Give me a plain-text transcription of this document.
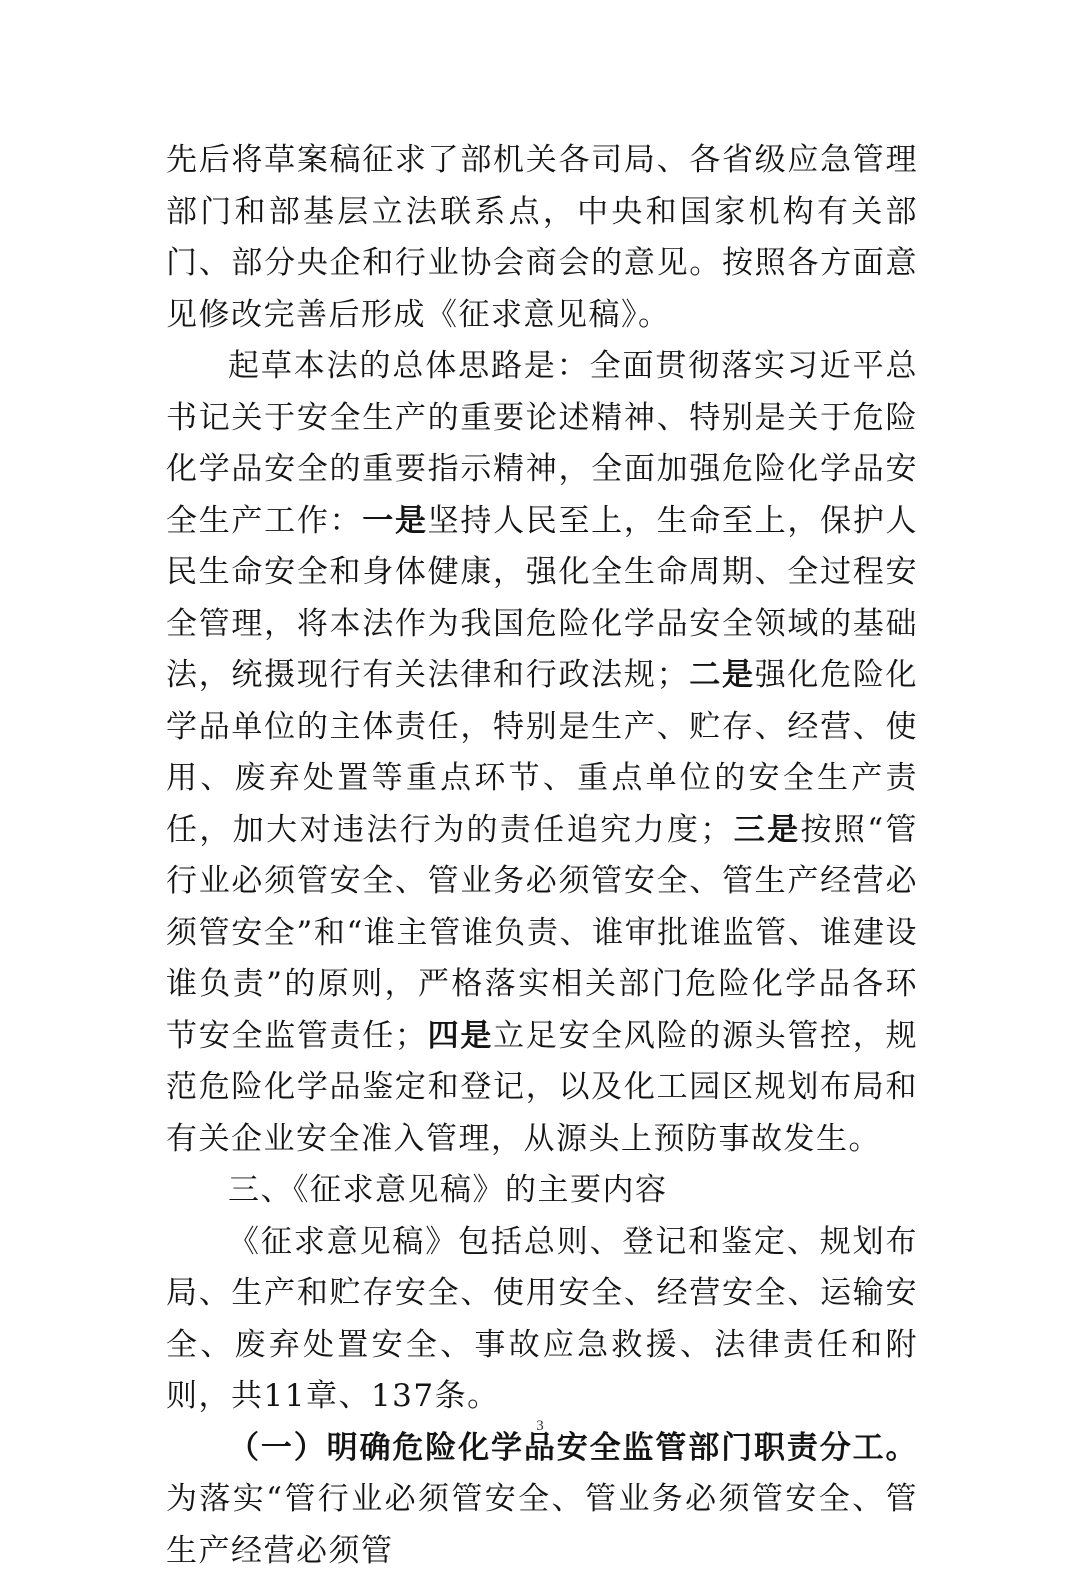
先后将草案稿征求了部机关各司局、各省级应急管理部门和部基层立法联系点，中央和国家机构有关部门、部分央企和行业协会商会的意见。按照各方面意见修改完善后形成《征求意见稿》。

起草本法的总体思路是：全面贯彻落实习近平总书记关于安全生产的重要论述精神、特别是关于危险化学品安全的重要指示精神，全面加强危险化学品安全生产工作：一是坚持人民至上，生命至上，保护人民生命安全和身体健康，强化全生命周期、全过程安全管理，将本法作为我国危险化学品安全领域的基础法，统摄现行有关法律和行政法规；二是强化危险化学品单位的主体责任，特别是生产、贮存、经营、使用、废弃处置等重点环节、重点单位的安全生产责任，加大对违法行为的责任追究力度；三是按照“管行业必须管安全、管业务必须管安全、管生产经营必须管安全”和“谁主管谁负责、谁审批谁监管、谁建设谁负责”的原则，严格落实相关部门危险化学品各环节安全监管责任；四是立足安全风险的源头管控，规范危险化学品鉴定和登记，以及化工园区规划布局和有关企业安全准入管理，从源头上预防事故发生。

三、《征求意见稿》的主要内容

《征求意见稿》包括总则、登记和鉴定、规划布局、生产和贮存安全、使用安全、经营安全、运输安全、废弃处置安全、事故应急救援、法律责任和附则，共11章、137条。

（一）明确危险化学品安全监管部门职责分工。为落实“管行业必须管安全、管业务必须管安全、管生产经营必须管

3
